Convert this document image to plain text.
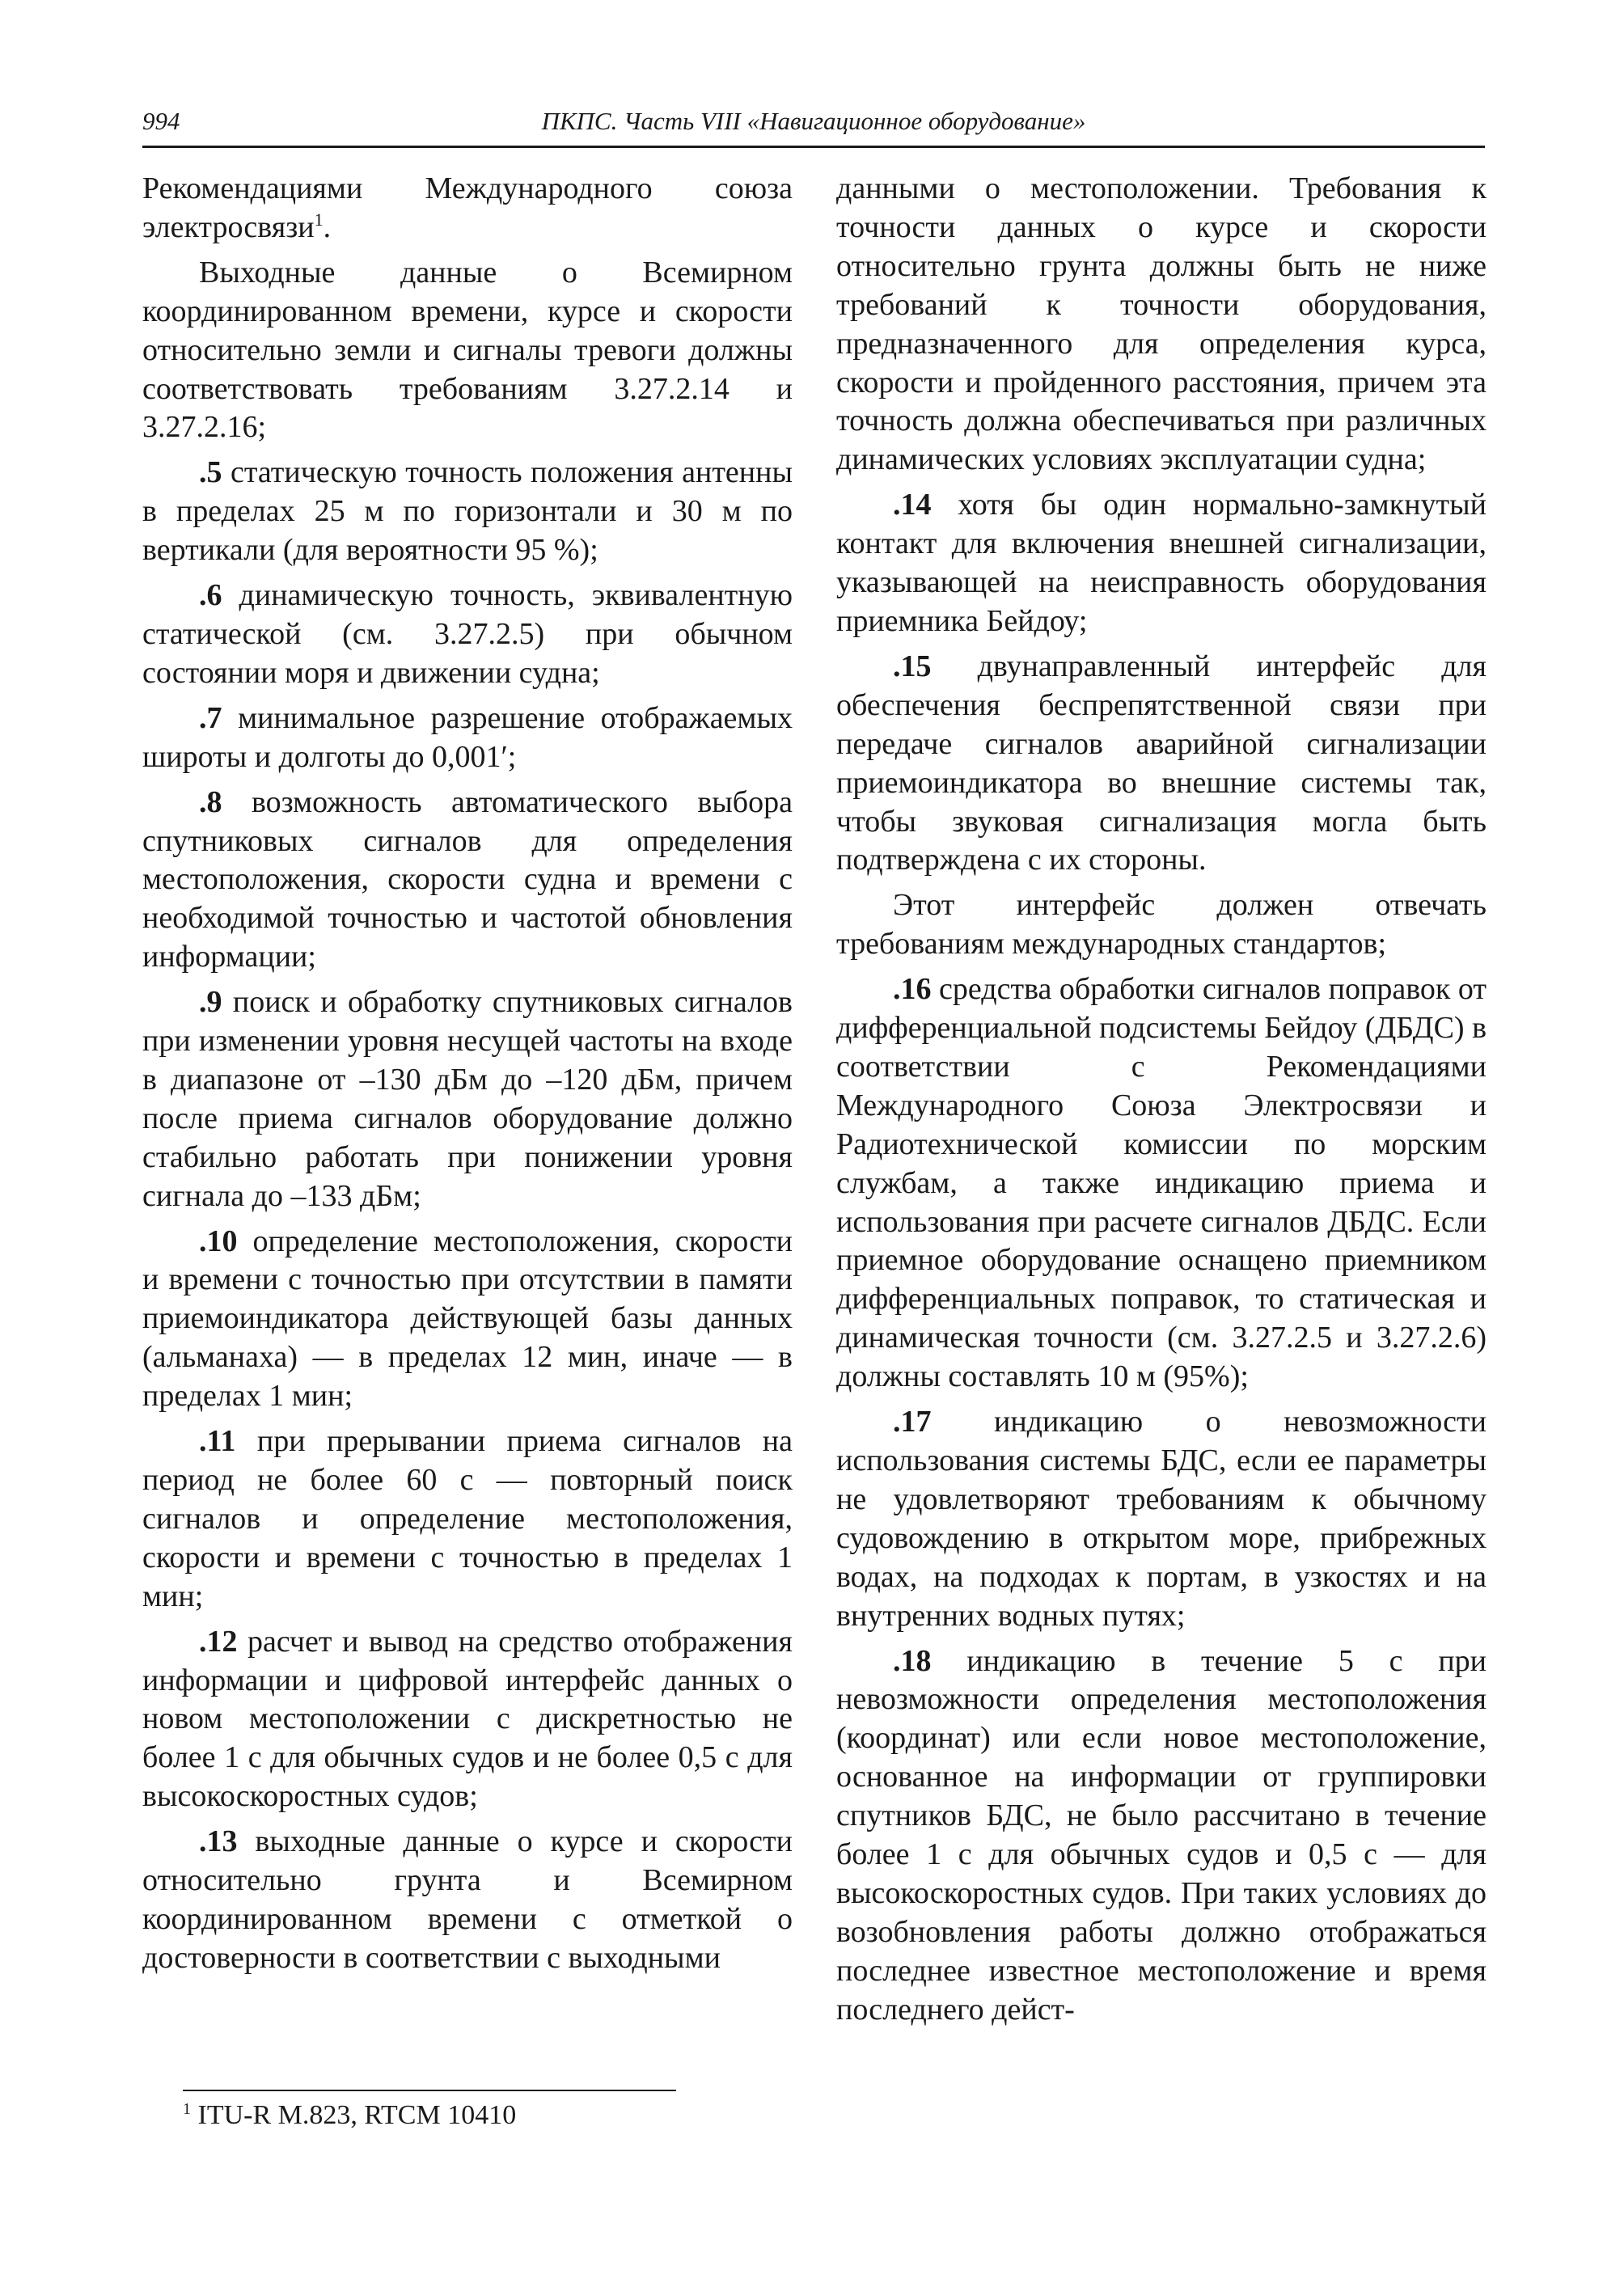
994	ПКПС. Часть VIII «Навигационное оборудование»

Рекомендациями Международного союза электросвязи$^1$.

Выходные данные о Всемирном координированном времени, курсе и скорости относительно земли и сигналы тревоги должны соответствовать требованиям 3.27.2.14 и 3.27.2.16;

.5 статическую точность положения антенны в пределах 25 м по горизонтали и 30 м по вертикали (для вероятности 95 %);

.6 динамическую точность, эквивалентную статической (см. 3.27.2.5) при обычном состоянии моря и движении судна;

.7 минимальное разрешение отображаемых широты и долготы до 0,001′;

.8 возможность автоматического выбора спутниковых сигналов для определения местоположения, скорости судна и времени с необходимой точностью и частотой обновления информации;

.9 поиск и обработку спутниковых сигналов при изменении уровня несущей частоты на входе в диапазоне от –130 дБм до –120 дБм, причем после приема сигналов оборудование должно стабильно работать при понижении уровня сигнала до –133 дБм;

.10 определение местоположения, скорости и времени с точностью при отсутствии в памяти приемоиндикатора действующей базы данных (альманаха) — в пределах 12 мин, иначе — в пределах 1 мин;

.11 при прерывании приема сигналов на период не более 60 с — повторный поиск сигналов и определение местоположения, скорости и времени с точностью в пределах 1 мин;

.12 расчет и вывод на средство отображения информации и цифровой интерфейс данных о новом местоположении с дискретностью не более 1 с для обычных судов и не более 0,5 с для высокоскоростных судов;

.13 выходные данные о курсе и скорости относительно грунта и Всемирном координированном времени с отметкой о достоверности в соответствии с выходными

данными о местоположении. Требования к точности данных о курсе и скорости относительно грунта должны быть не ниже требований к точности оборудования, предназначенного для определения курса, скорости и пройденного расстояния, причем эта точность должна обеспечиваться при различных динамических условиях эксплуатации судна;

.14 хотя бы один нормально-замкнутый контакт для включения внешней сигнализации, указывающей на неисправность оборудования приемника Бейдоу;

.15 двунаправленный интерфейс для обеспечения беспрепятственной связи при передаче сигналов аварийной сигнализации приемоиндикатора во внешние системы так, чтобы звуковая сигнализация могла быть подтверждена с их стороны.

Этот интерфейс должен отвечать требованиям международных стандартов;

.16 средства обработки сигналов поправок от дифференциальной подсистемы Бейдоу (ДБДС) в соответствии с Рекомендациями Международного Союза Электросвязи и Радиотехнической комиссии по морским службам, а также индикацию приема и использования при расчете сигналов ДБДС. Если приемное оборудование оснащено приемником дифференциальных поправок, то статическая и динамическая точности (см. 3.27.2.5 и 3.27.2.6) должны составлять 10 м (95%);

.17 индикацию о невозможности использования системы БДС, если ее параметры не удовлетворяют требованиям к обычному судовождению в открытом море, прибрежных водах, на подходах к портам, в узкостях и на внутренних водных путях;

.18 индикацию в течение 5 с при невозможности определения местоположения (координат) или если новое местоположение, основанное на информации от группировки спутников БДС, не было рассчитано в течение более 1 с для обычных судов и 0,5 с — для высокоскоростных судов. При таких условиях до возобновления работы должно отображаться последнее известное местоположение и время последнего дейст-

$^1$ ITU-R M.823, RTCM 10410
